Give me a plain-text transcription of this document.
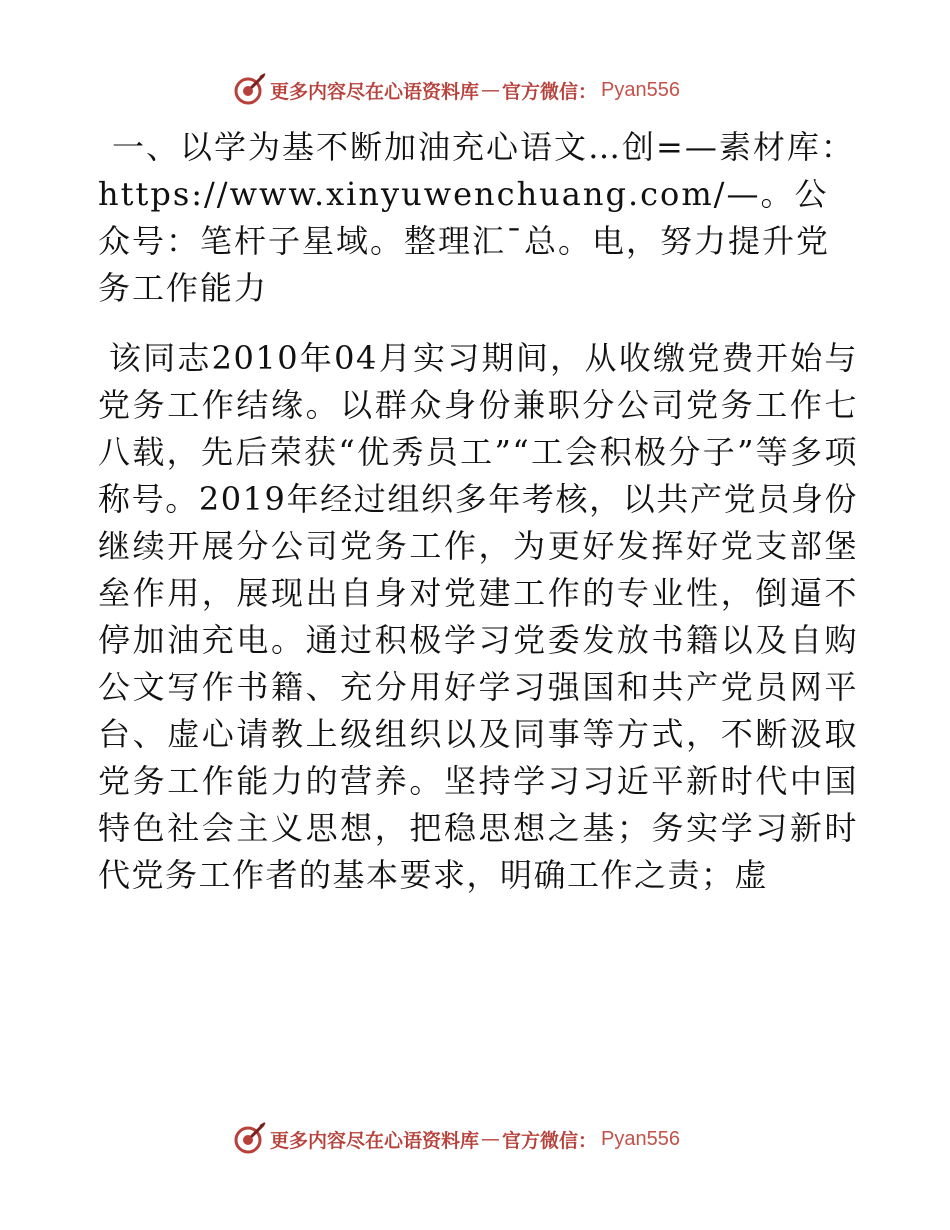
更多内容尽在心语资料库 — 官方微信： Pyan556

一、以学为基不断加油充心语文…创=—素材库：https://www.xinyuwenchuang.com/—。公众号：笔杆子星域。整理汇¯总。电，努力提升党务工作能力

该同志2010年04月实习期间，从收缴党费开始与党务工作结缘。以群众身份兼职分公司党务工作七八载，先后荣获“优秀员工”“工会积极分子”等多项称号。2019年经过组织多年考核，以共产党员身份继续开展分公司党务工作，为更好发挥好党支部堡垒作用，展现出自身对党建工作的专业性，倒逼不停加油充电。通过积极学习党委发放书籍以及自购公文写作书籍、充分用好学习强国和共产党员网平台、虚心请教上级组织以及同事等方式，不断汲取党务工作能力的营养。坚持学习习近平新时代中国特色社会主义思想，把稳思想之基；务实学习新时代党务工作者的基本要求，明确工作之责；虚

更多内容尽在心语资料库 — 官方微信： Pyan556
